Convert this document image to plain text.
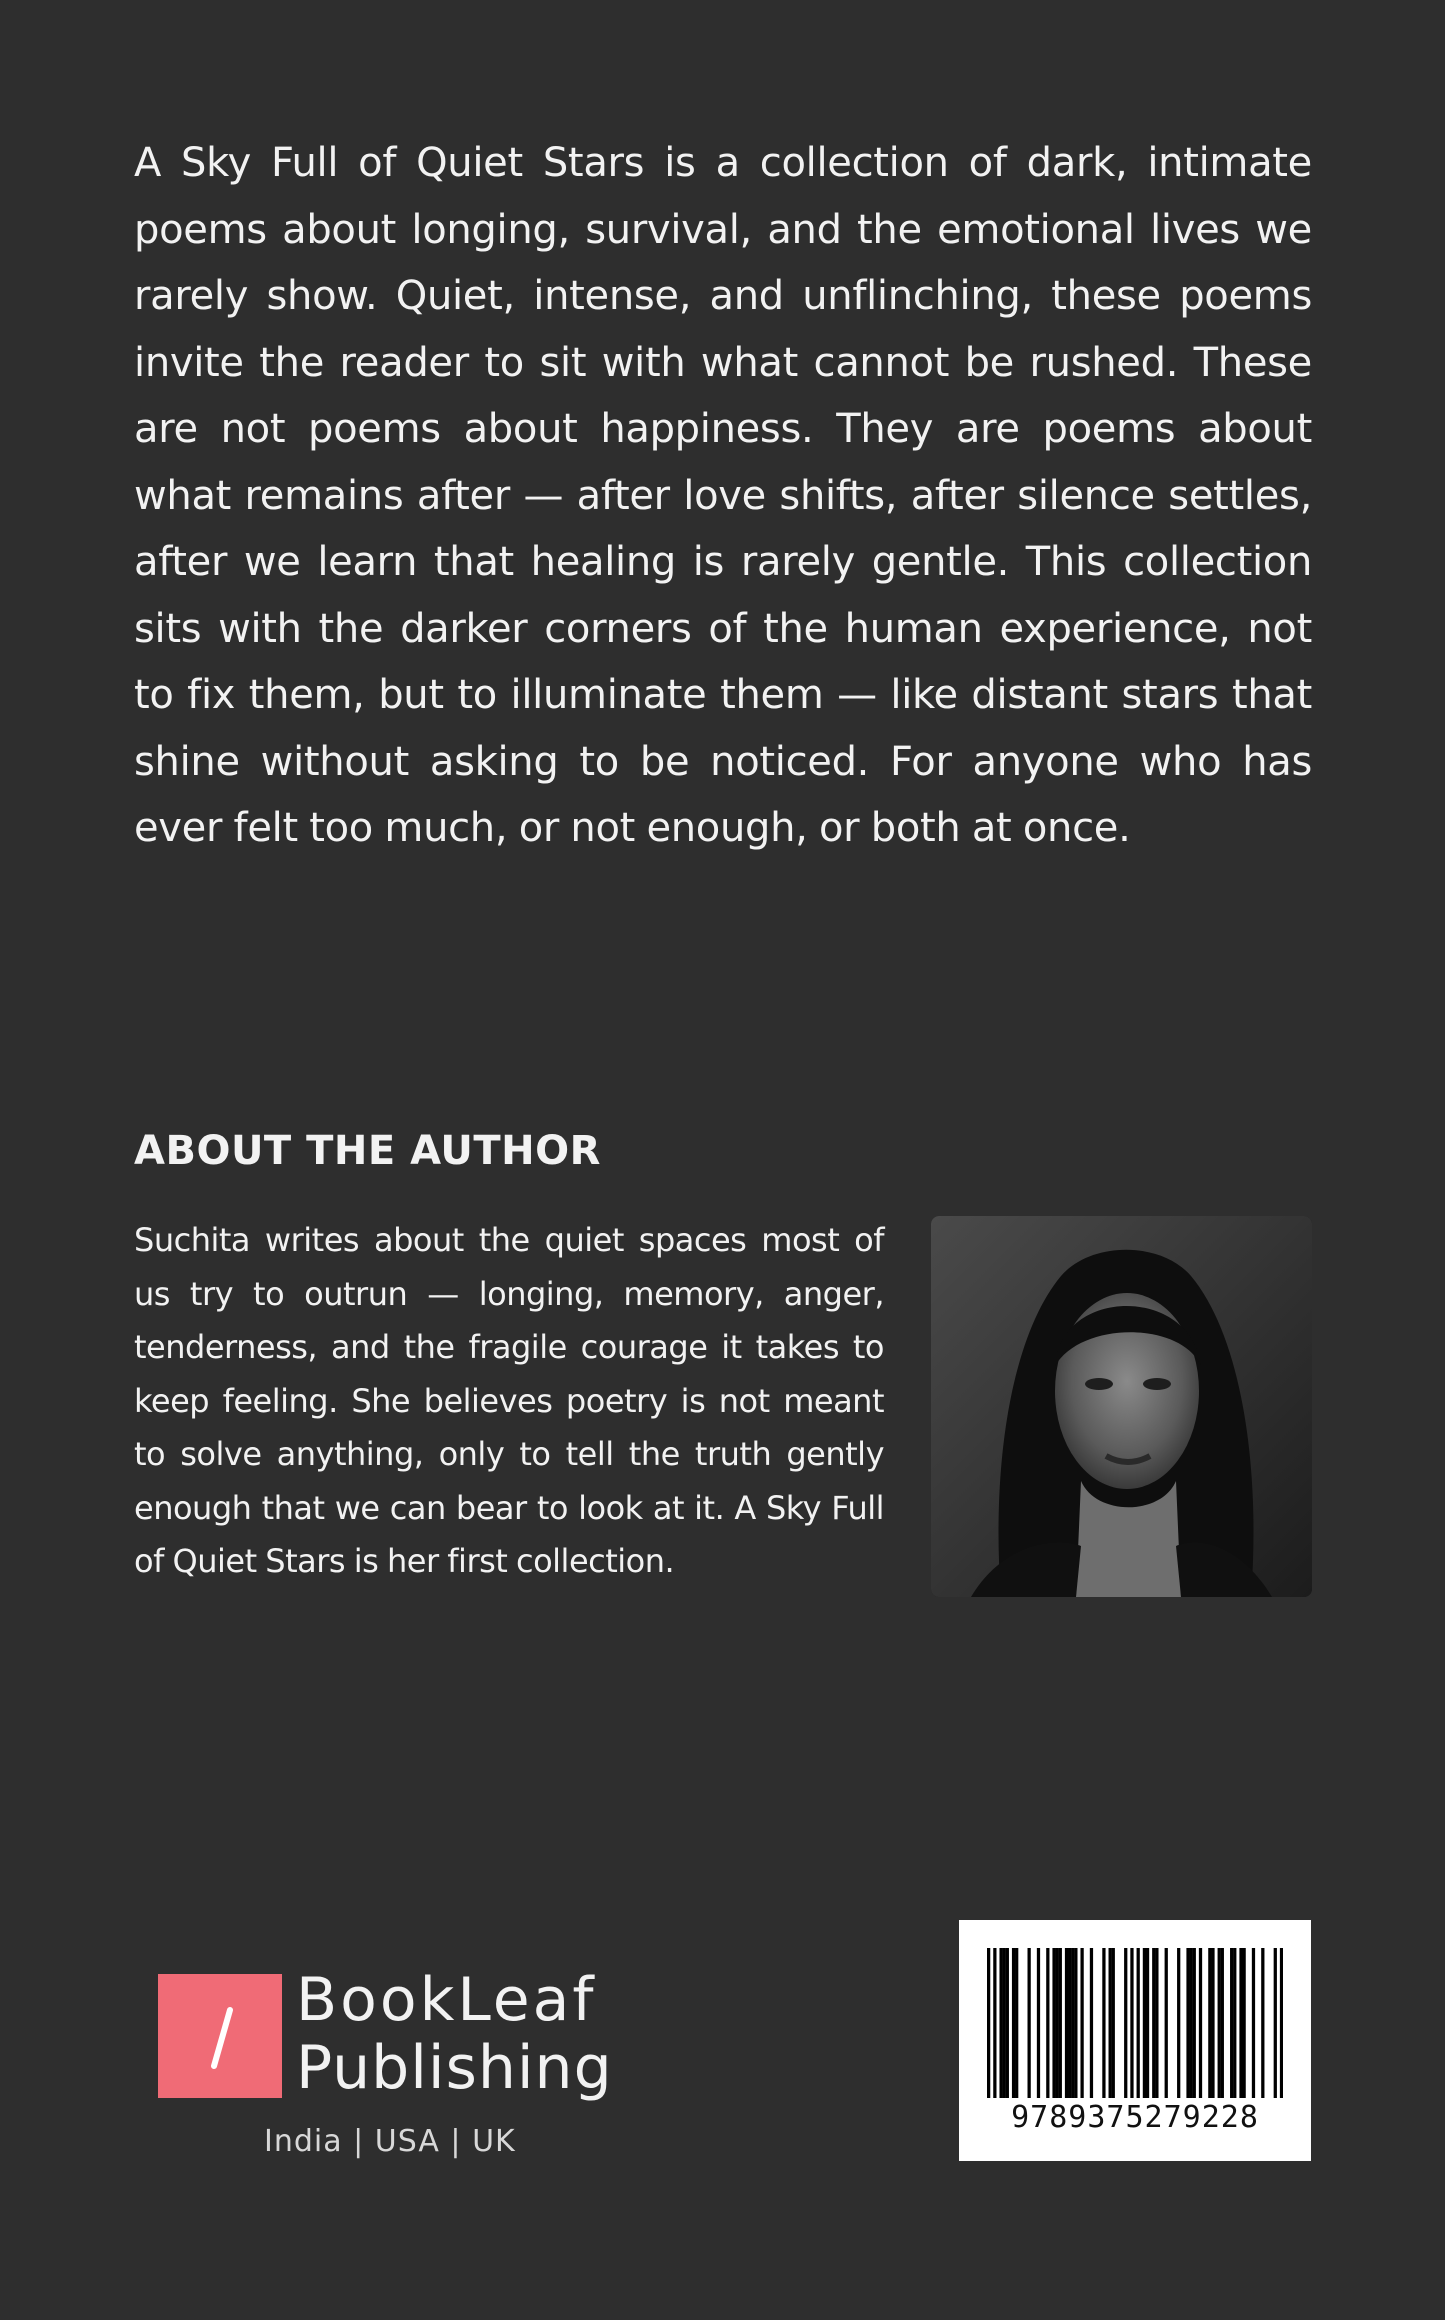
A Sky Full of Quiet Stars is a collection of dark, intimate poems about longing, survival, and the emotional lives we rarely show. Quiet, intense, and unflinching, these poems invite the reader to sit with what cannot be rushed. These are not poems about happiness. They are poems about what remains after — after love shifts, after silence settles, after we learn that healing is rarely gentle. This collection sits with the darker corners of the human experience, not to fix them, but to illuminate them — like distant stars that shine without asking to be noticed. For anyone who has ever felt too much, or not enough, or both at once.

ABOUT THE AUTHOR

Suchita writes about the quiet spaces most of us try to outrun — longing, memory, anger, tenderness, and the fragile courage it takes to keep feeling. She believes poetry is not meant to solve anything, only to tell the truth gently enough that we can bear to look at it. A Sky Full of Quiet Stars is her first collection.

BookLeaf
Publishing
India | USA | UK
9789375279228
